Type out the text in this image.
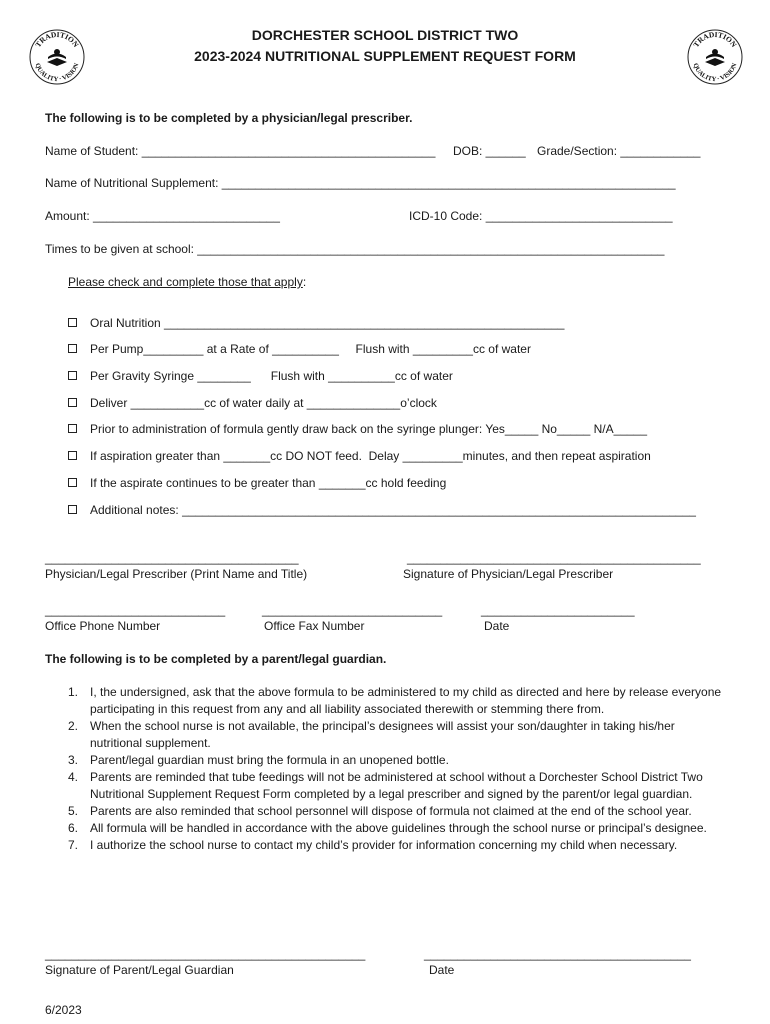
TRADITION
QUALITY · VISION
TRADITION
QUALITY · VISION
DORCHESTER SCHOOL DISTRICT TWO
2023-2024 NUTRITIONAL SUPPLEMENT REQUEST FORM
The following is to be completed by a physician/legal prescriber.
Name of Student: ____________________________________________ DOB: ______ Grade/Section: ____________
Name of Nutritional Supplement: ____________________________________________________________________
Amount: ____________________________	ICD-10 Code: ____________________________
Times to be given at school: ______________________________________________________________________
Please check and complete those that apply:
Oral Nutrition ____________________________________________________________
Per Pump_________ at a Rate of __________     Flush with _________cc of water
Per Gravity Syringe ________      Flush with __________cc of water
Deliver ___________cc of water daily at ______________o’clock
Prior to administration of formula gently draw back on the syringe plunger: Yes_____ No_____ N/A_____
If aspiration greater than _______cc DO NOT feed.  Delay _________minutes, and then repeat aspiration
If the aspirate continues to be greater than _______cc hold feeding
Additional notes: _____________________________________________________________________________
______________________________________
Physician/Legal Prescriber (Print Name and Title)
____________________________________________
Signature of Physician/Legal Prescriber
___________________________
Office Phone Number
___________________________
Office Fax Number
_______________________
Date
The following is to be completed by a parent/legal guardian.
1. I, the undersigned, ask that the above formula to be administered to my child as directed and here by release everyone participating in this request from any and all liability associated therewith or stemming there from.
2. When the school nurse is not available, the principal’s designees will assist your son/daughter in taking his/her nutritional supplement.
3. Parent/legal guardian must bring the formula in an unopened bottle.
4. Parents are reminded that tube feedings will not be administered at school without a Dorchester School District Two Nutritional Supplement Request Form completed by a legal prescriber and signed by the parent/or legal guardian.
5. Parents are also reminded that school personnel will dispose of formula not claimed at the end of the school year.
6. All formula will be handled in accordance with the above guidelines through the school nurse or principal’s designee.
7. I authorize the school nurse to contact my child’s provider for information concerning my child when necessary.
________________________________________________
Signature of Parent/Legal Guardian
________________________________________
Date
6/2023
